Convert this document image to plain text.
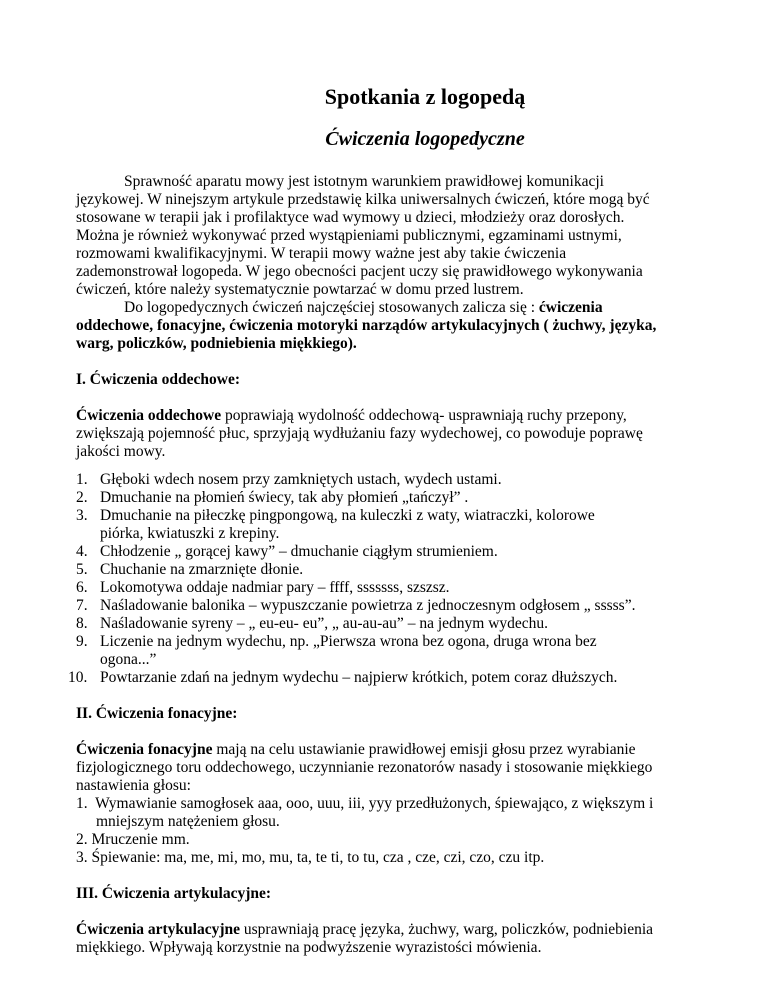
Spotkania z logopedą
Ćwiczenia logopedyczne
Sprawność aparatu mowy jest istotnym warunkiem prawidłowej komunikacji
językowej. W ninejszym artykule przedstawię kilka uniwersalnych ćwiczeń, które mogą być
stosowane w terapii jak i profilaktyce wad wymowy u dzieci, młodzieży oraz dorosłych.
Można je również wykonywać przed wystąpieniami publicznymi, egzaminami ustnymi,
rozmowami kwalifikacyjnymi. W terapii mowy ważne jest aby takie ćwiczenia
zademonstrował logopeda. W jego obecności pacjent uczy się prawidłowego wykonywania
ćwiczeń, które należy systematycznie powtarzać w domu przed lustrem.
Do logopedycznych ćwiczeń najczęściej stosowanych zalicza się : ćwiczenia
oddechowe, fonacyjne, ćwiczenia motoryki narządów artykulacyjnych ( żuchwy, języka,
warg, policzków, podniebienia miękkiego).
I. Ćwiczenia oddechowe:
Ćwiczenia oddechowe poprawiają wydolność oddechową- usprawniają ruchy przepony,
zwiększają pojemność płuc, sprzyjają wydłużaniu fazy wydechowej, co powoduje poprawę
jakości mowy.
1. Głęboki wdech nosem przy zamkniętych ustach, wydech ustami.
2. Dmuchanie na płomień świecy, tak aby płomień „tańczył” .
3. Dmuchanie na piłeczkę pingpongową, na kuleczki z waty, wiatraczki, kolorowe
piórka, kwiatuszki z krepiny.
4. Chłodzenie „ gorącej kawy” – dmuchanie ciągłym strumieniem.
5. Chuchanie na zmarznięte dłonie.
6. Lokomotywa oddaje nadmiar pary – ffff, sssssss, szszsz.
7. Naśladowanie balonika – wypuszczanie powietrza z jednoczesnym odgłosem „ sssss”.
8. Naśladowanie syreny – „ eu-eu- eu”, „ au-au-au” – na jednym wydechu.
9. Liczenie na jednym wydechu, np. „Pierwsza wrona bez ogona, druga wrona bez
ogona...”
10. Powtarzanie zdań na jednym wydechu – najpierw krótkich, potem coraz dłuższych.
II. Ćwiczenia fonacyjne:
Ćwiczenia fonacyjne mają na celu ustawianie prawidłowej emisji głosu przez wyrabianie
fizjologicznego toru oddechowego, uczynnianie rezonatorów nasady i stosowanie miękkiego
nastawienia głosu:
1. Wymawianie samogłosek aaa, ooo, uuu, iii, yyy przedłużonych, śpiewająco, z większym i
mniejszym natężeniem głosu.
2. Mruczenie mm.
3. Śpiewanie: ma, me, mi, mo, mu, ta, te ti, to tu, cza , cze, czi, czo, czu itp.
III. Ćwiczenia artykulacyjne:
Ćwiczenia artykulacyjne usprawniają pracę języka, żuchwy, warg, policzków, podniebienia
miękkiego. Wpływają korzystnie na podwyższenie wyrazistości mówienia.
